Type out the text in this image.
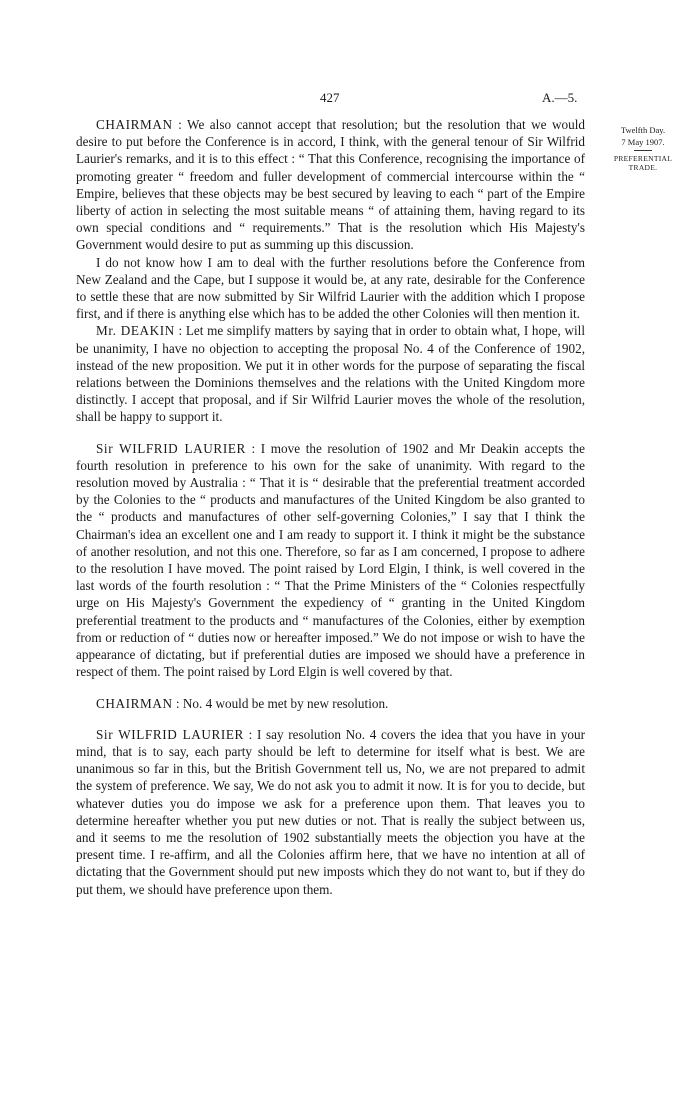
427	A.—5.
Twelfth Day.
7 May 1907.
PREFERENTIAL
TRADE.

CHAIRMAN : We also cannot accept that resolution; but the resolution that we would desire to put before the Conference is in accord, I think, with the general tenour of Sir Wilfrid Laurier's remarks, and it is to this effect : “ That this Conference, recognising the importance of promoting greater “ freedom and fuller development of commercial intercourse within the “ Empire, believes that these objects may be best secured by leaving to each “ part of the Empire liberty of action in selecting the most suitable means “ of attaining them, having regard to its own special conditions and “ requirements.” That is the resolution which His Majesty's Government would desire to put as summing up this discussion.

I do not know how I am to deal with the further resolutions before the Conference from New Zealand and the Cape, but I suppose it would be, at any rate, desirable for the Conference to settle these that are now submitted by Sir Wilfrid Laurier with the addition which I propose first, and if there is anything else which has to be added the other Colonies will then mention it.

Mr. DEAKIN : Let me simplify matters by saying that in order to obtain what, I hope, will be unanimity, I have no objection to accepting the proposal No. 4 of the Conference of 1902, instead of the new proposition. We put it in other words for the purpose of separating the fiscal relations between the Dominions themselves and the relations with the United Kingdom more distinctly. I accept that proposal, and if Sir Wilfrid Laurier moves the whole of the resolution, shall be happy to support it.

Sir WILFRID LAURIER : I move the resolution of 1902 and Mr Deakin accepts the fourth resolution in preference to his own for the sake of unanimity. With regard to the resolution moved by Australia : “ That it is “ desirable that the preferential treatment accorded by the Colonies to the “ products and manufactures of the United Kingdom be also granted to the “ products and manufactures of other self-governing Colonies,” I say that I think the Chairman's idea an excellent one and I am ready to support it. I think it might be the substance of another resolution, and not this one. Therefore, so far as I am concerned, I propose to adhere to the resolution I have moved. The point raised by Lord Elgin, I think, is well covered in the last words of the fourth resolution : “ That the Prime Ministers of the “ Colonies respectfully urge on His Majesty's Government the expediency of “ granting in the United Kingdom preferential treatment to the products and “ manufactures of the Colonies, either by exemption from or reduction of “ duties now or hereafter imposed.” We do not impose or wish to have the appearance of dictating, but if preferential duties are imposed we should have a preference in respect of them. The point raised by Lord Elgin is well covered by that.

CHAIRMAN : No. 4 would be met by new resolution.

Sir WILFRID LAURIER : I say resolution No. 4 covers the idea that you have in your mind, that is to say, each party should be left to determine for itself what is best. We are unanimous so far in this, but the British Government tell us, No, we are not prepared to admit the system of preference. We say, We do not ask you to admit it now. It is for you to decide, but whatever duties you do impose we ask for a preference upon them. That leaves you to determine hereafter whether you put new duties or not. That is really the subject between us, and it seems to me the resolution of 1902 substantially meets the objection you have at the present time. I re-affirm, and all the Colonies affirm here, that we have no intention at all of dictating that the Government should put new imposts which they do not want to, but if they do put them, we should have preference upon them.
